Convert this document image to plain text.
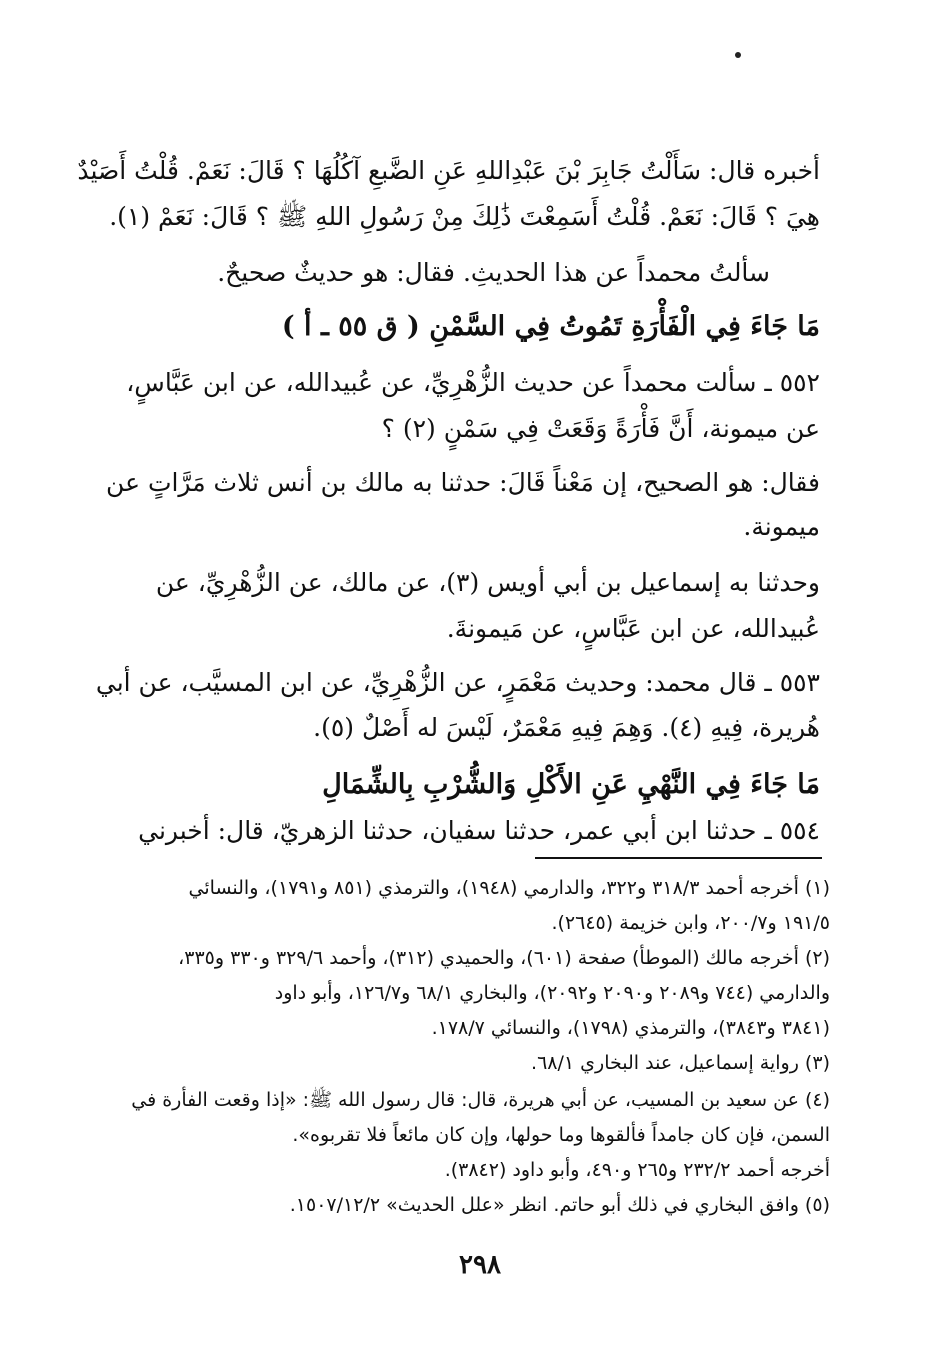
أخبره قال: سَأَلْتُ جَابِرَ بْنَ عَبْدِاللهِ عَنِ الضَّبعِ آكُلُهَا ؟ قَالَ: نَعَمْ. قُلْتُ أَصَيْدٌ
هِيَ ؟ قَالَ: نَعَمْ. قُلْتُ أَسَمِعْتَ ذَٰلِكَ مِنْ رَسُولِ اللهِ ﷺ ؟ قَالَ: نَعَمْ (١).
سألتُ محمداً عن هذا الحديثِ. فقال: هو حديثٌ صحيحٌ.
مَا جَاءَ فِي الْفَأْرَةِ تَمُوتُ فِي السَّمْنِ ( ق ٥٥ ـ أ )
٥٥٢ ـ سألت محمداً عن حديث الزُّهْرِيِّ، عن عُبيدالله، عن ابن عَبَّاسٍ،
عن ميمونة، أَنَّ فَأْرَةً وَقَعَتْ فِي سَمْنٍ (٢) ؟
فقال: هو الصحيح، إن مَعْناً قَالَ: حدثنا به مالك بن أنس ثلاث مَرَّاتٍ عن
ميمونة.
وحدثنا به إسماعيل بن أبي أويس (٣)، عن مالك، عن الزُّهْرِيِّ، عن
عُبيدالله، عن ابن عَبَّاسٍ، عن مَيمونةَ.
٥٥٣ ـ قال محمد: وحديث مَعْمَرٍ، عن الزُّهْرِيِّ، عن ابن المسيَّب، عن أبي
هُريرة، فِيهِ (٤). وَهِمَ فِيهِ مَعْمَرٌ، لَيْسَ له أَصْلٌ (٥).
مَا جَاءَ فِي النَّهْيِ عَنِ الأَكْلِ وَالشُّرْبِ بِالشِّمَالِ
٥٥٤ ـ حدثنا ابن أبي عمر، حدثنا سفيان، حدثنا الزهريّ، قال: أخبرني
(١) أخرجه أحمد ٣١٨/٣ و٣٢٢، والدارمي (١٩٤٨)، والترمذي (٨٥١ و١٧٩١)، والنسائي
١٩١/٥ و٢٠٠/٧، وابن خزيمة (٢٦٤٥).
(٢) أخرجه مالك (الموطأ) صفحة (٦٠١)، والحميدي (٣١٢)، وأحمد ٣٢٩/٦ و٣٣٠ و٣٣٥،
والدارمي (٧٤٤ و٢٠٨٩ و٢٠٩٠ و٢٠٩٢)، والبخاري ٦٨/١ و١٢٦/٧، وأبو داود
(٣٨٤١ و٣٨٤٣)، والترمذي (١٧٩٨)، والنسائي ١٧٨/٧.
(٣) رواية إسماعيل، عند البخاري ٦٨/١.
(٤) عن سعيد بن المسيب، عن أبي هريرة، قال: قال رسول الله ﷺ: «إذا وقعت الفأرة في
السمن، فإن كان جامداً فألقوها وما حولها، وإن كان مائعاً فلا تقربوه».
أخرجه أحمد ٢٣٢/٢ و٢٦٥ و٤٩٠، وأبو داود (٣٨٤٢).
(٥) وافق البخاري في ذلك أبو حاتم. انظر «علل الحديث» ١٥٠٧/١٢/٢.
٢٩٨
